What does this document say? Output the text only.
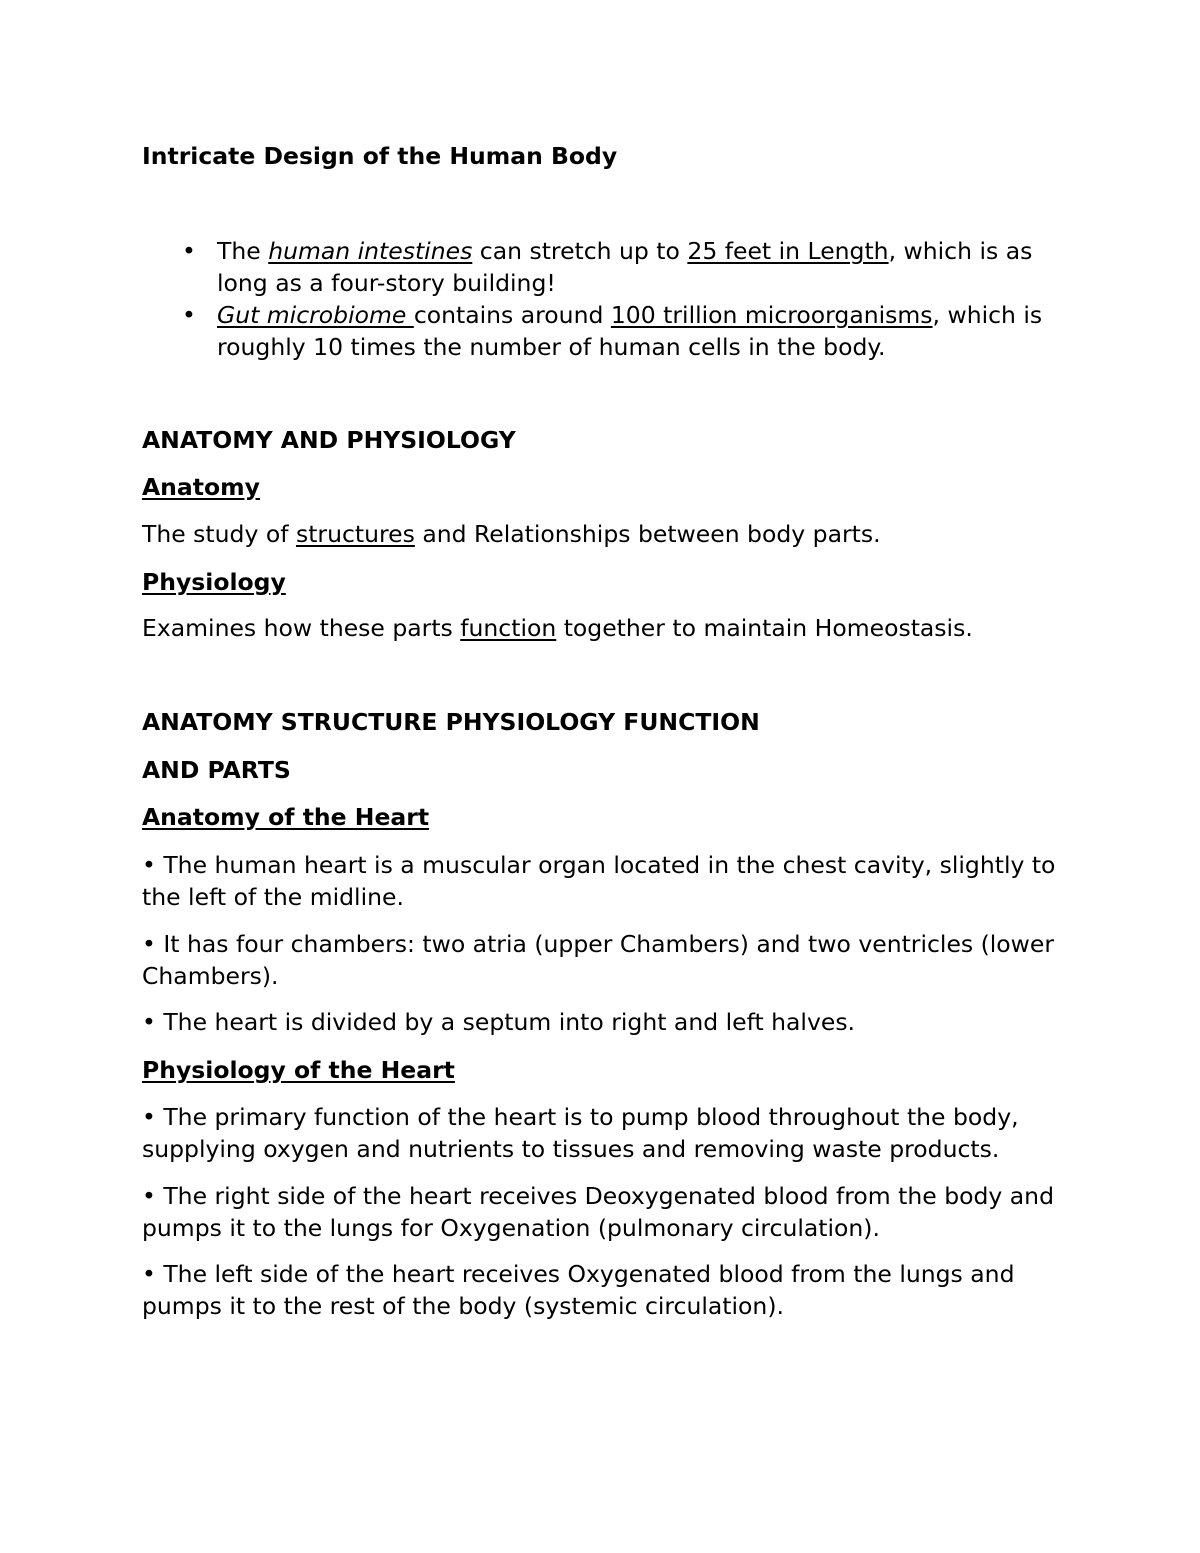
Intricate Design of the Human Body
• The human intestines can stretch up to 25 feet in Length, which is as long as a four-story building!
• Gut microbiome contains around 100 trillion microorganisms, which is roughly 10 times the number of human cells in the body.
ANATOMY AND PHYSIOLOGY
Anatomy
The study of structures and Relationships between body parts.
Physiology
Examines how these parts function together to maintain Homeostasis.
ANATOMY STRUCTURE PHYSIOLOGY FUNCTION
AND PARTS
Anatomy of the Heart
• The human heart is a muscular organ located in the chest cavity, slightly to the left of the midline.
• It has four chambers: two atria (upper Chambers) and two ventricles (lower Chambers).
• The heart is divided by a septum into right and left halves.
Physiology of the Heart
• The primary function of the heart is to pump blood throughout the body, supplying oxygen and nutrients to tissues and removing waste products.
• The right side of the heart receives Deoxygenated blood from the body and pumps it to the lungs for Oxygenation (pulmonary circulation).
• The left side of the heart receives Oxygenated blood from the lungs and pumps it to the rest of the body (systemic circulation).
